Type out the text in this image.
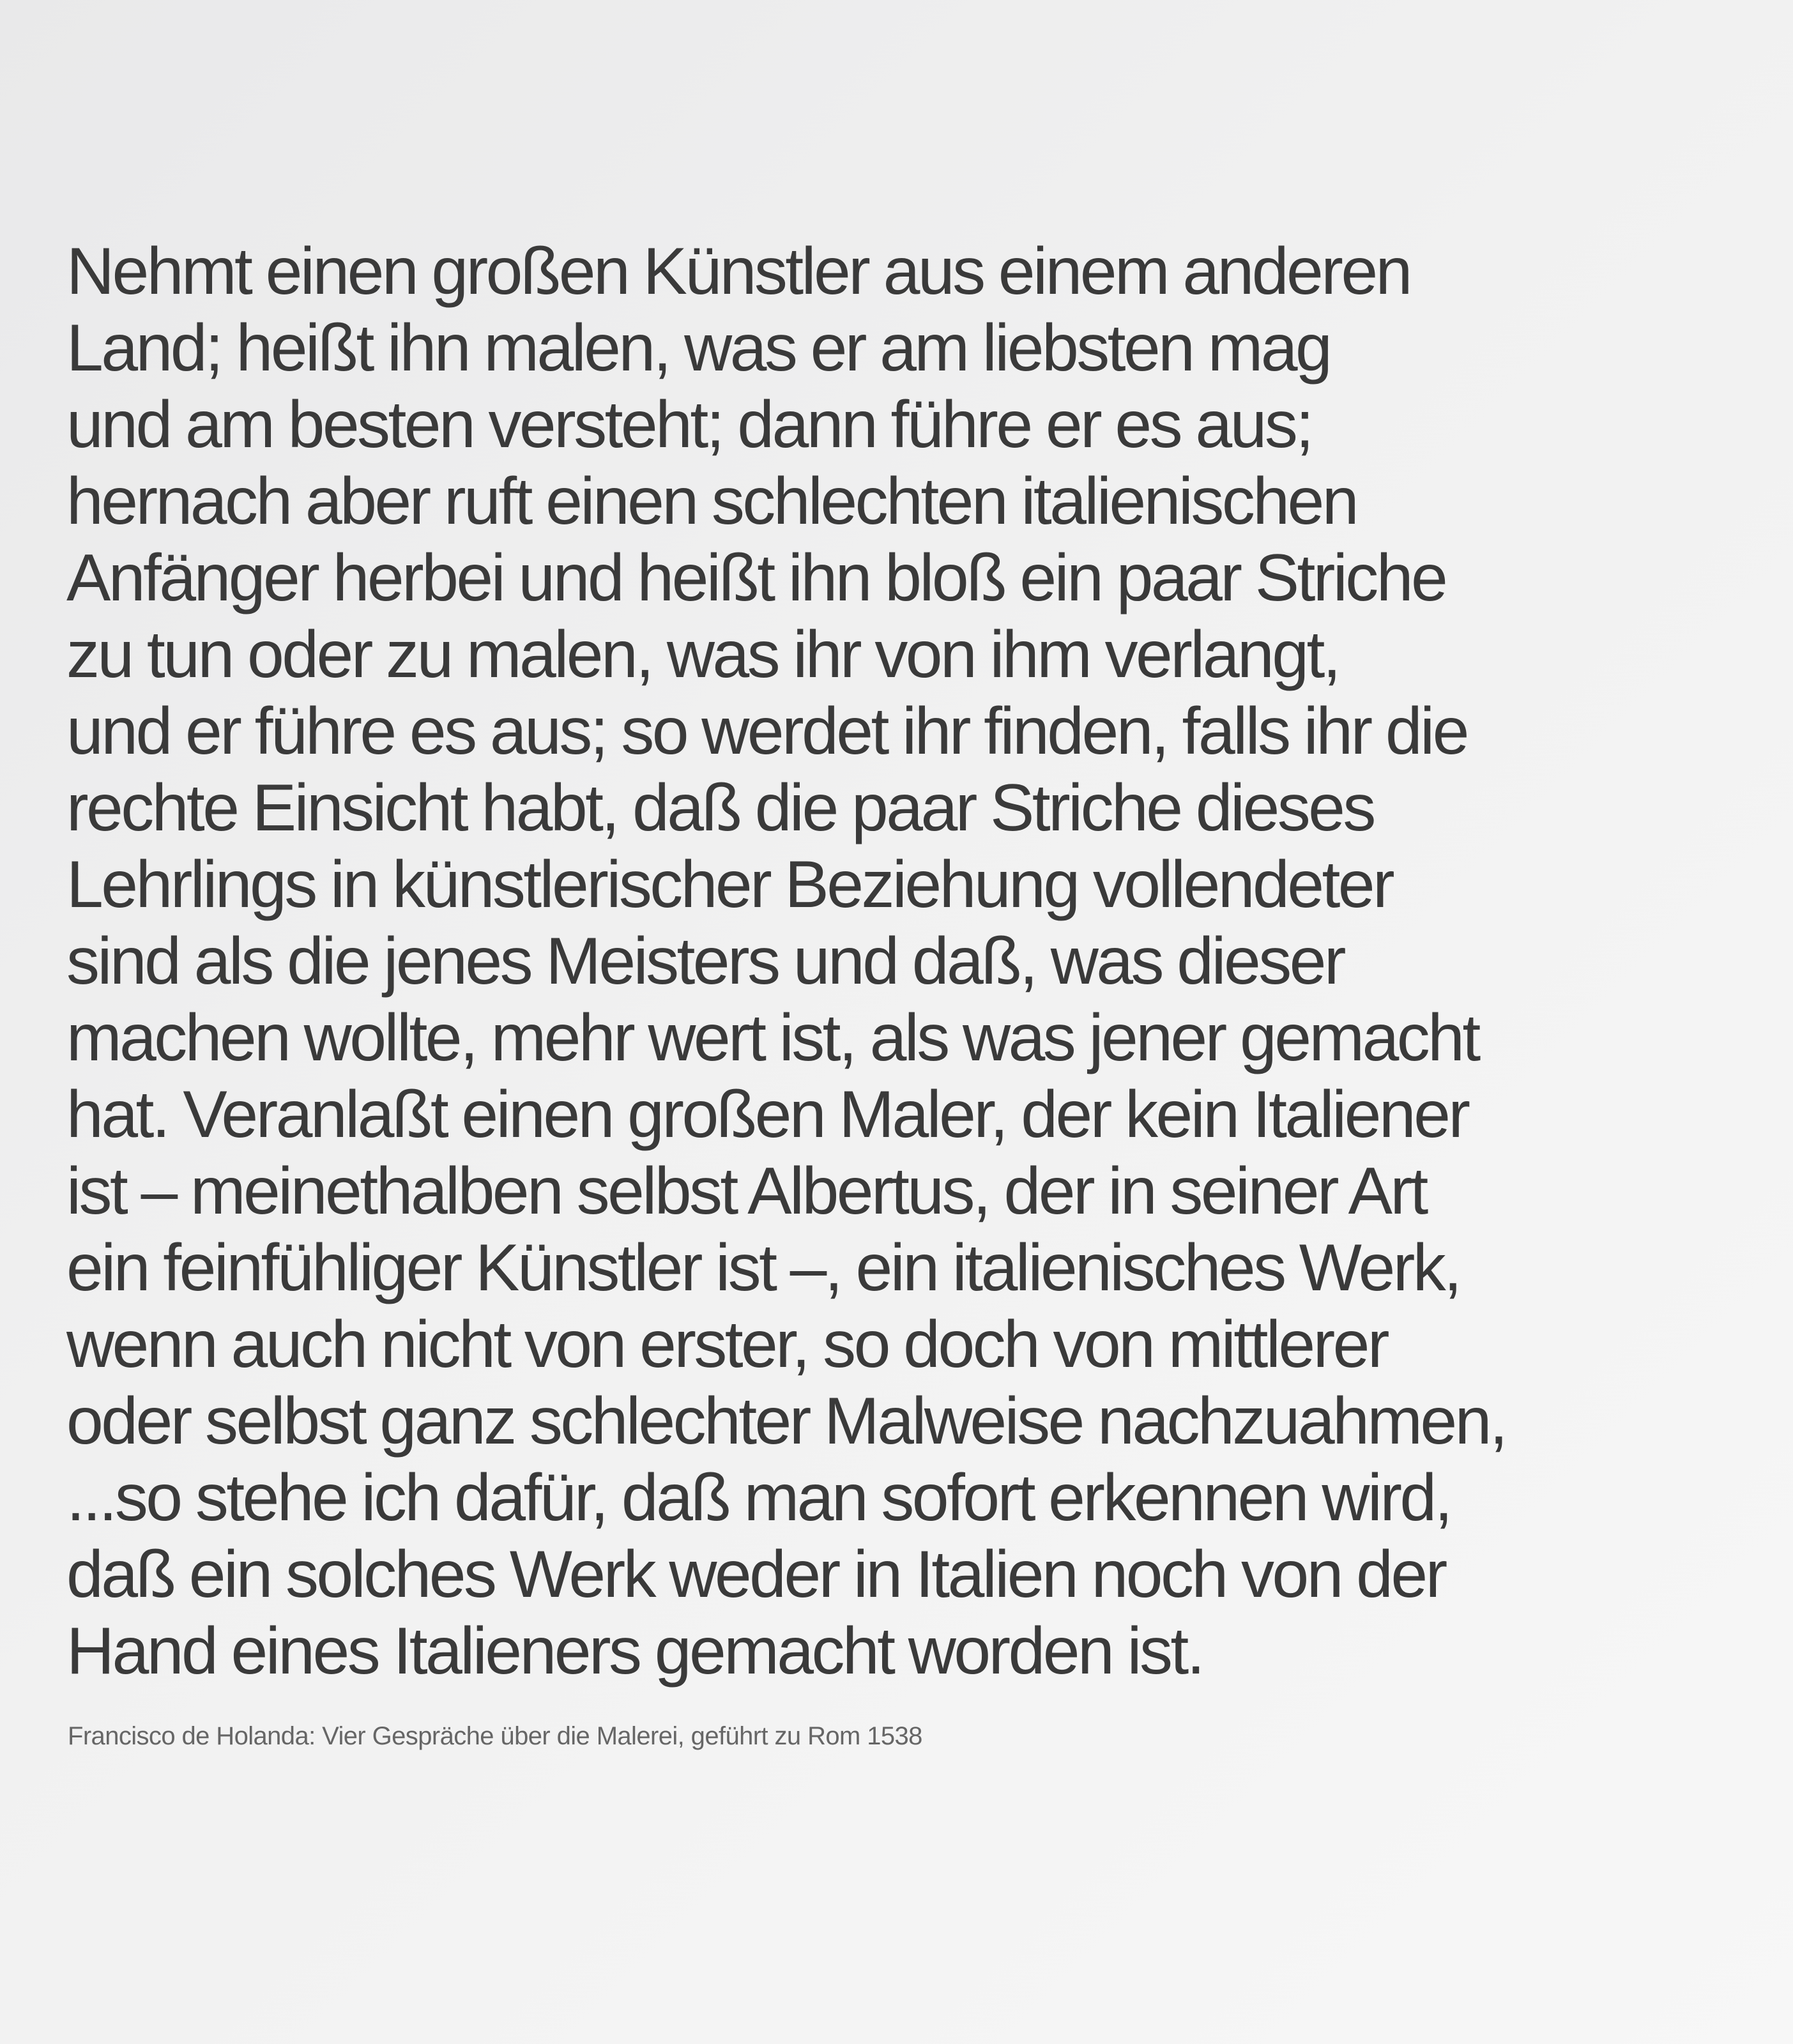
Nehmt einen großen Künstler aus einem anderen
Land; heißt ihn malen, was er am liebsten mag
und am besten versteht; dann führe er es aus;
hernach aber ruft einen schlechten italienischen
Anfänger herbei und heißt ihn bloß ein paar Striche
zu tun oder zu malen, was ihr von ihm verlangt,
und er führe es aus; so werdet ihr finden, falls ihr die
rechte Einsicht habt, daß die paar Striche dieses
Lehrlings in künstlerischer Beziehung vollendeter
sind als die jenes Meisters und daß, was dieser
machen wollte, mehr wert ist, als was jener gemacht
hat. Veranlaßt einen großen Maler, der kein Italiener
ist – meinethalben selbst Albertus, der in seiner Art
ein feinfühliger Künstler ist –, ein italienisches Werk,
wenn auch nicht von erster, so doch von mittlerer
oder selbst ganz schlechter Malweise nachzuahmen,
...so stehe ich dafür, daß man sofort erkennen wird,
daß ein solches Werk weder in Italien noch von der
Hand eines Italieners gemacht worden ist.

Francisco de Holanda: Vier Gespräche über die Malerei, geführt zu Rom 1538
